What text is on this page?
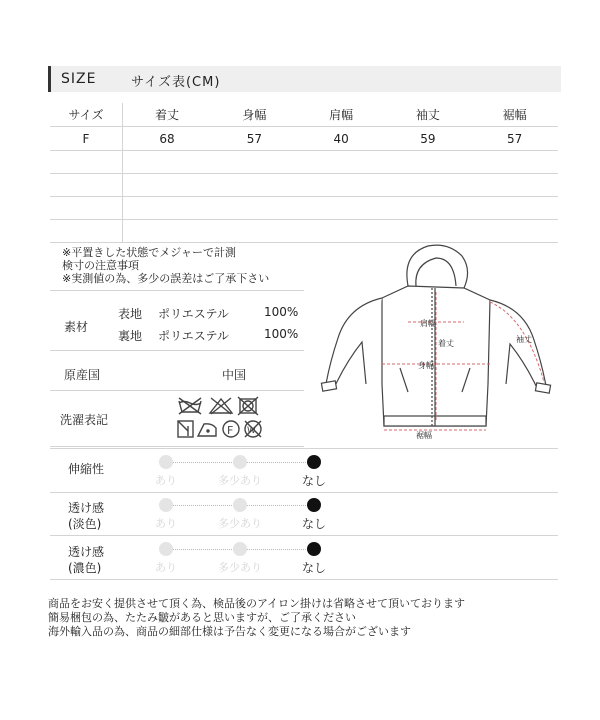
SIZE	サイズ表(CM)
サイズ	着丈	身幅	肩幅	袖丈	裾幅
F	68	57	40	59	57

※平置きした状態でメジャーで計測
検寸の注意事項
※実測値の為、多少の誤差はご了承下さい
素材
表地 ポリエステル	100%
裏地 ポリエステル	100%
原産国	中国
洗濯表記
F W
肩幅
着丈
身幅
袖丈
裾幅
伸縮性
あり	多少あり	なし
透け感
(淡色)	あり	多少あり	なし
透け感
(濃色)	あり	多少あり	なし
商品をお安く提供させて頂く為、検品後のアイロン掛けは省略させて頂いております
簡易梱包の為、たたみ皺があると思いますが、ご了承ください
海外輸入品の為、商品の細部仕様は予告なく変更になる場合がございます
